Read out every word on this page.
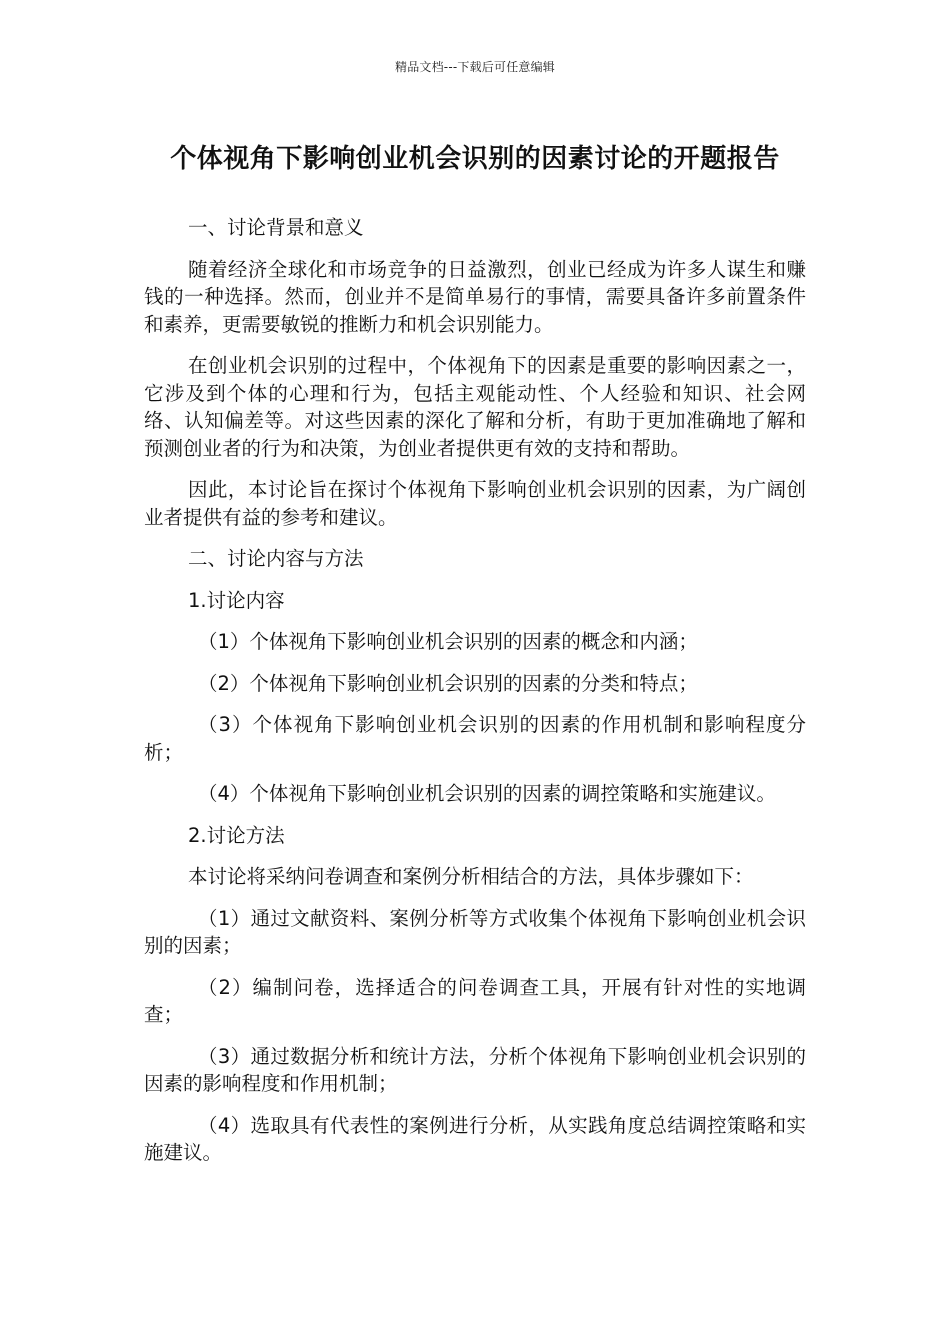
精品文档---下载后可任意编辑
个体视角下影响创业机会识别的因素讨论的开题报告

一、讨论背景和意义

随着经济全球化和市场竞争的日益激烈，创业已经成为许多人谋生和赚钱的一种选择。然而，创业并不是简单易行的事情，需要具备许多前置条件和素养，更需要敏锐的推断力和机会识别能力。

在创业机会识别的过程中，个体视角下的因素是重要的影响因素之一，它涉及到个体的心理和行为，包括主观能动性、个人经验和知识、社会网络、认知偏差等。对这些因素的深化了解和分析，有助于更加准确地了解和预测创业者的行为和决策，为创业者提供更有效的支持和帮助。

因此，本讨论旨在探讨个体视角下影响创业机会识别的因素，为广阔创业者提供有益的参考和建议。

二、讨论内容与方法

1.讨论内容

（1）个体视角下影响创业机会识别的因素的概念和内涵；

（2）个体视角下影响创业机会识别的因素的分类和特点；

（3）个体视角下影响创业机会识别的因素的作用机制和影响程度分析；

（4）个体视角下影响创业机会识别的因素的调控策略和实施建议。

2.讨论方法

本讨论将采纳问卷调查和案例分析相结合的方法，具体步骤如下：

（1）通过文献资料、案例分析等方式收集个体视角下影响创业机会识别的因素；

（2）编制问卷，选择适合的问卷调查工具，开展有针对性的实地调查；

（3）通过数据分析和统计方法，分析个体视角下影响创业机会识别的因素的影响程度和作用机制；

（4）选取具有代表性的案例进行分析，从实践角度总结调控策略和实施建议。
